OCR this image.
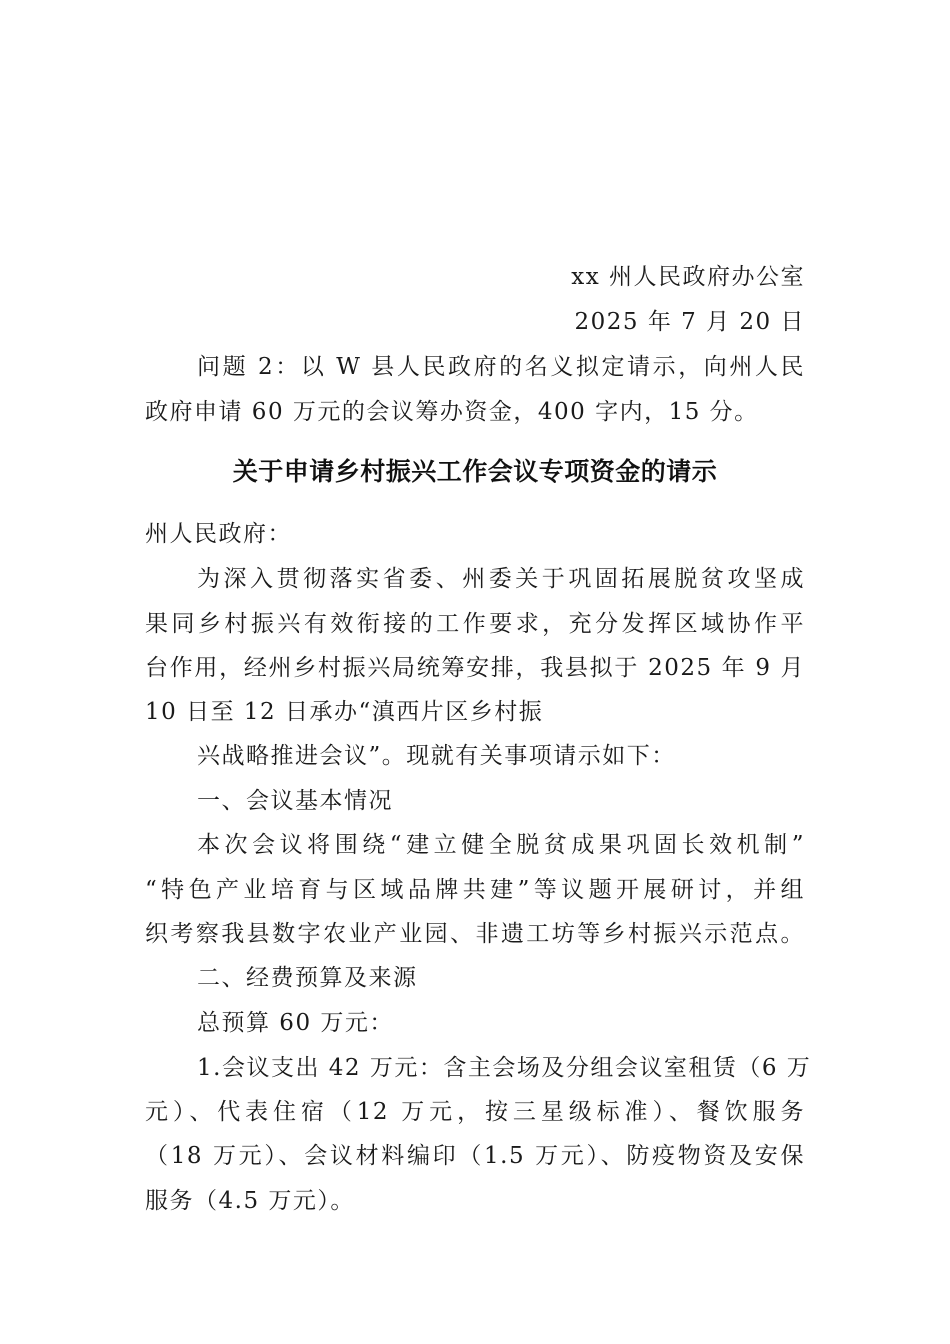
xx 州人民政府办公室
2025 年 7 月 20 日
问题 2：以 W 县人民政府的名义拟定请示，向州人民
政府申请 60 万元的会议筹办资金，400 字内，15 分。
关于申请乡村振兴工作会议专项资金的请示
州人民政府：
为深入贯彻落实省委、州委关于巩固拓展脱贫攻坚成
果同乡村振兴有效衔接的工作要求，充分发挥区域协作平
台作用，经州乡村振兴局统筹安排，我县拟于 2025 年 9 月
10 日至 12 日承办“滇西片区乡村振
兴战略推进会议”。现就有关事项请示如下：
一、会议基本情况
本次会议将围绕“建立健全脱贫成果巩固长效机制”
“特色产业培育与区域品牌共建”等议题开展研讨，并组
织考察我县数字农业产业园、非遗工坊等乡村振兴示范点。
二、经费预算及来源
总预算 60 万元：
1.会议支出 42 万元：含主会场及分组会议室租赁（6 万
元）、代表住宿（12 万元，按三星级标准）、餐饮服务
（18 万元）、会议材料编印（1.5 万元）、防疫物资及安保
服务（4.5 万元）。
